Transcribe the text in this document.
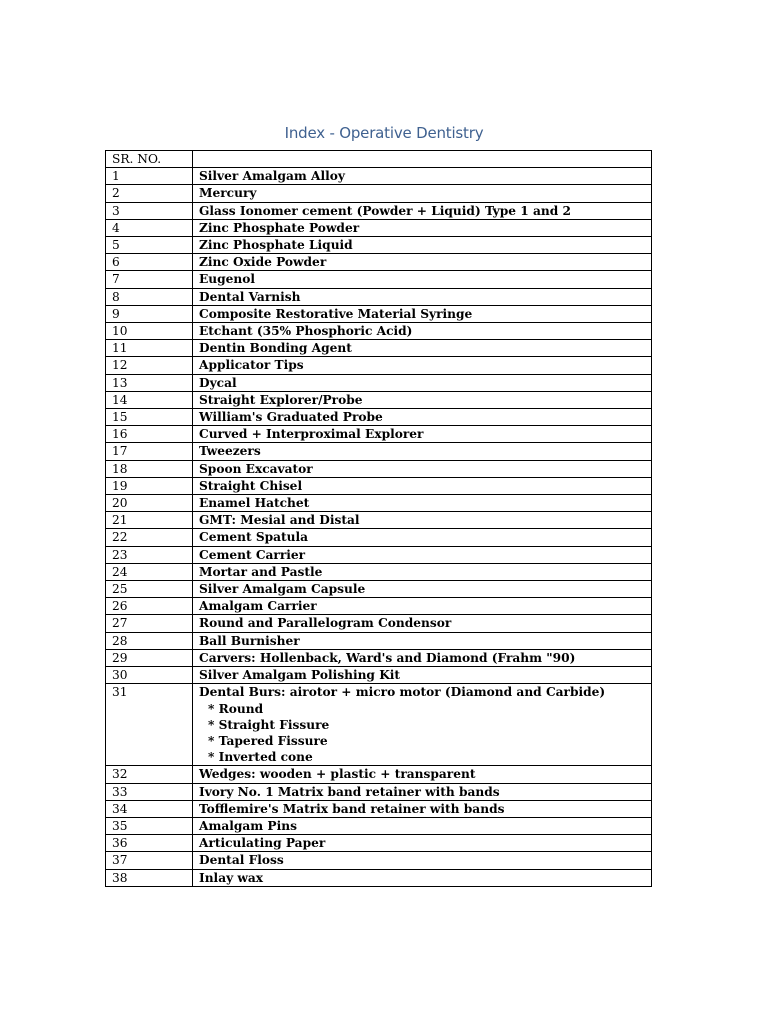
Index - Operative Dentistry
SR. NO.	
1	Silver Amalgam Alloy
2	Mercury
3	Glass Ionomer cement (Powder + Liquid) Type 1 and 2
4	Zinc Phosphate Powder
5	Zinc Phosphate Liquid
6	Zinc Oxide Powder
7	Eugenol
8	Dental Varnish
9	Composite Restorative Material Syringe
10	Etchant (35% Phosphoric Acid)
11	Dentin Bonding Agent
12	Applicator Tips
13	Dycal
14	Straight Explorer/Probe
15	William's Graduated Probe
16	Curved + Interproximal Explorer
17	Tweezers
18	Spoon Excavator
19	Straight Chisel
20	Enamel Hatchet
21	GMT: Mesial and Distal
22	Cement Spatula
23	Cement Carrier
24	Mortar and Pastle
25	Silver Amalgam Capsule
26	Amalgam Carrier
27	Round and Parallelogram Condensor
28	Ball Burnisher
29	Carvers: Hollenback, Ward's and Diamond (Frahm "90)
30	Silver Amalgam Polishing Kit
31	Dental Burs: airotor + micro motor (Diamond and Carbide)
* Round
* Straight Fissure
* Tapered Fissure
* Inverted cone

32	Wedges: wooden + plastic + transparent
33	Ivory No. 1 Matrix band retainer with bands
34	Tofflemire's Matrix band retainer with bands
35	Amalgam Pins
36	Articulating Paper
37	Dental Floss
38	Inlay wax
